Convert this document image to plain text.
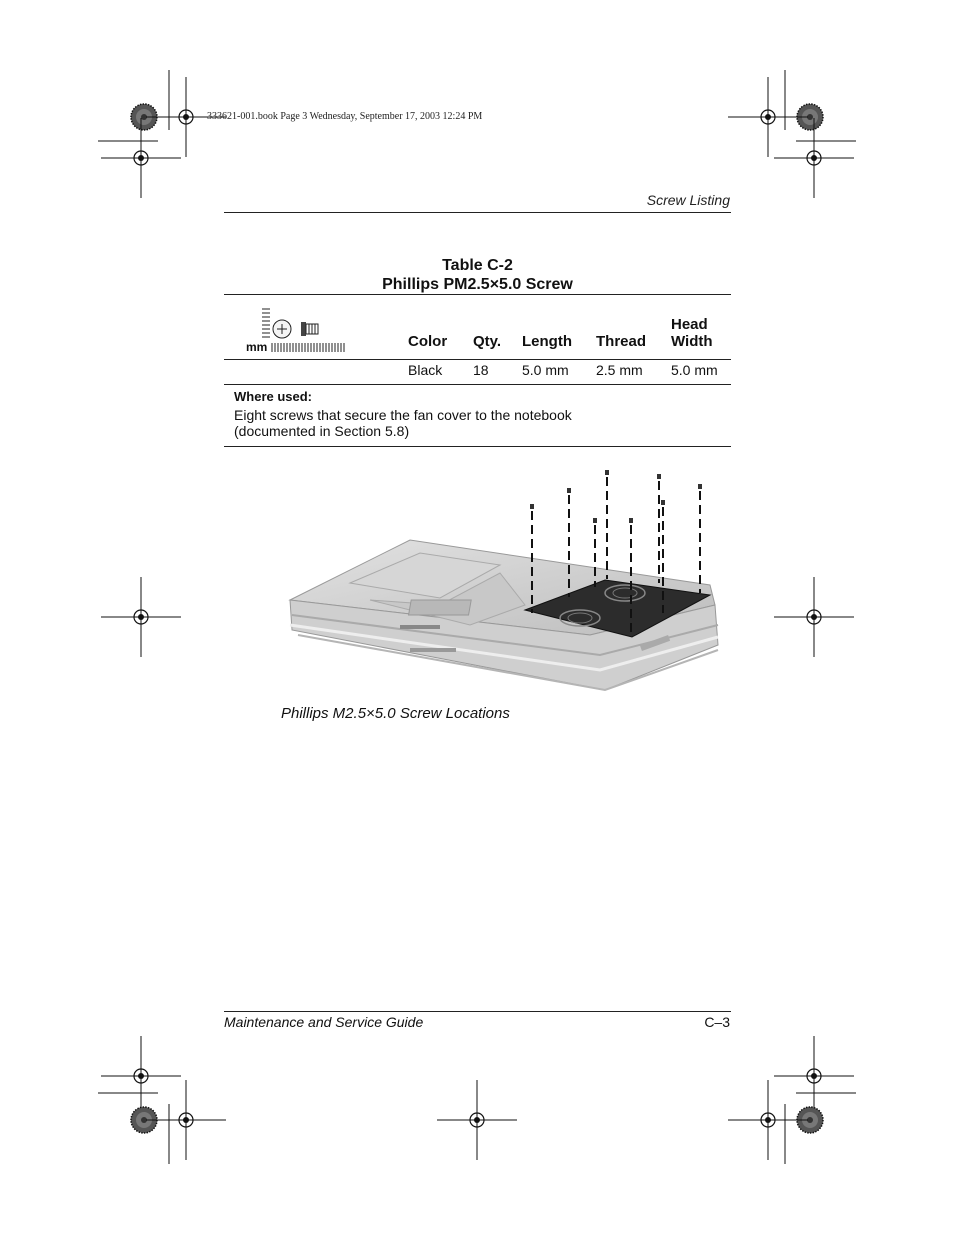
333621-001.book Page 3 Wednesday, September 17, 2003 12:24 PM
Screw Listing
Table C-2
Phillips PM2.5×5.0 Screw
mm	Color Qty. Length Thread
Head
Width
Black 18 5.0 mm 2.5 mm 5.0 mm
Where used:
Eight screws that secure the fan cover to the notebook
(documented in Section 5.8)
Phillips M2.5×5.0 Screw Locations
Maintenance and Service Guide	C–3
